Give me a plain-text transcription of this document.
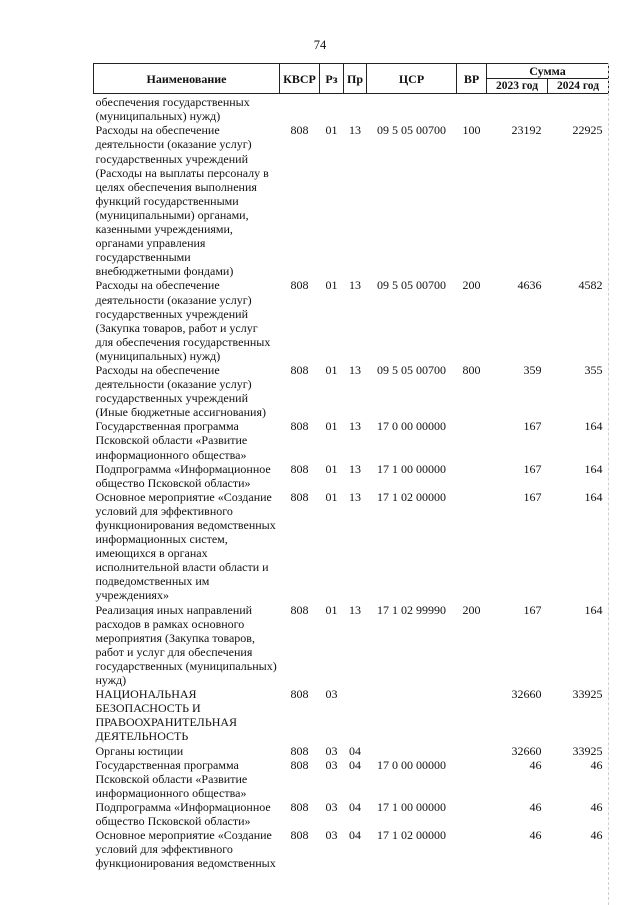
74
Наименование	КВСР	Рз	Пр	ЦСР	ВР	Сумма	
						2023 год	2024 год
обеспечения государственных (муниципальных) нужд)							
Расходы на обеспечение деятельности (оказание услуг) государственных учреждений (Расходы на выплаты персоналу в целях обеспечения выполнения функций государственными (муниципальными) органами, казенными учреждениями, органами управления государственными внебюджетными фондами)	808	01	13	09 5 05 00700	100	23192	22925
Расходы на обеспечение деятельности (оказание услуг) государственных учреждений (Закупка товаров, работ и услуг для обеспечения государственных (муниципальных) нужд)	808	01	13	09 5 05 00700	200	4636	4582
Расходы на обеспечение деятельности (оказание услуг) государственных учреждений (Иные бюджетные ассигнования)	808	01	13	09 5 05 00700	800	359	355
Государственная программа Псковской области «Развитие информационного общества»	808	01	13	17 0 00 00000		167	164
Подпрограмма «Информационное общество Псковской области»	808	01	13	17 1 00 00000		167	164
Основное мероприятие «Создание условий для эффективного функционирования ведомственных информационных систем, имеющихся в органах исполнительной власти области и подведомственных им учреждениях»	808	01	13	17 1 02 00000		167	164
Реализация иных направлений расходов в рамках основного мероприятия (Закупка товаров, работ и услуг для обеспечения государственных (муниципальных) нужд)	808	01	13	17 1 02 99990	200	167	164
НАЦИОНАЛЬНАЯ БЕЗОПАСНОСТЬ И ПРАВООХРАНИТЕЛЬНАЯ ДЕЯТЕЛЬНОСТЬ	808	03				32660	33925
Органы юстиции	808	03	04			32660	33925
Государственная программа Псковской области «Развитие информационного общества»	808	03	04	17 0 00 00000		46	46
Подпрограмма «Информационное общество Псковской области»	808	03	04	17 1 00 00000		46	46
Основное мероприятие «Создание условий для эффективного функционирования ведомственных	808	03	04	17 1 02 00000		46	46
